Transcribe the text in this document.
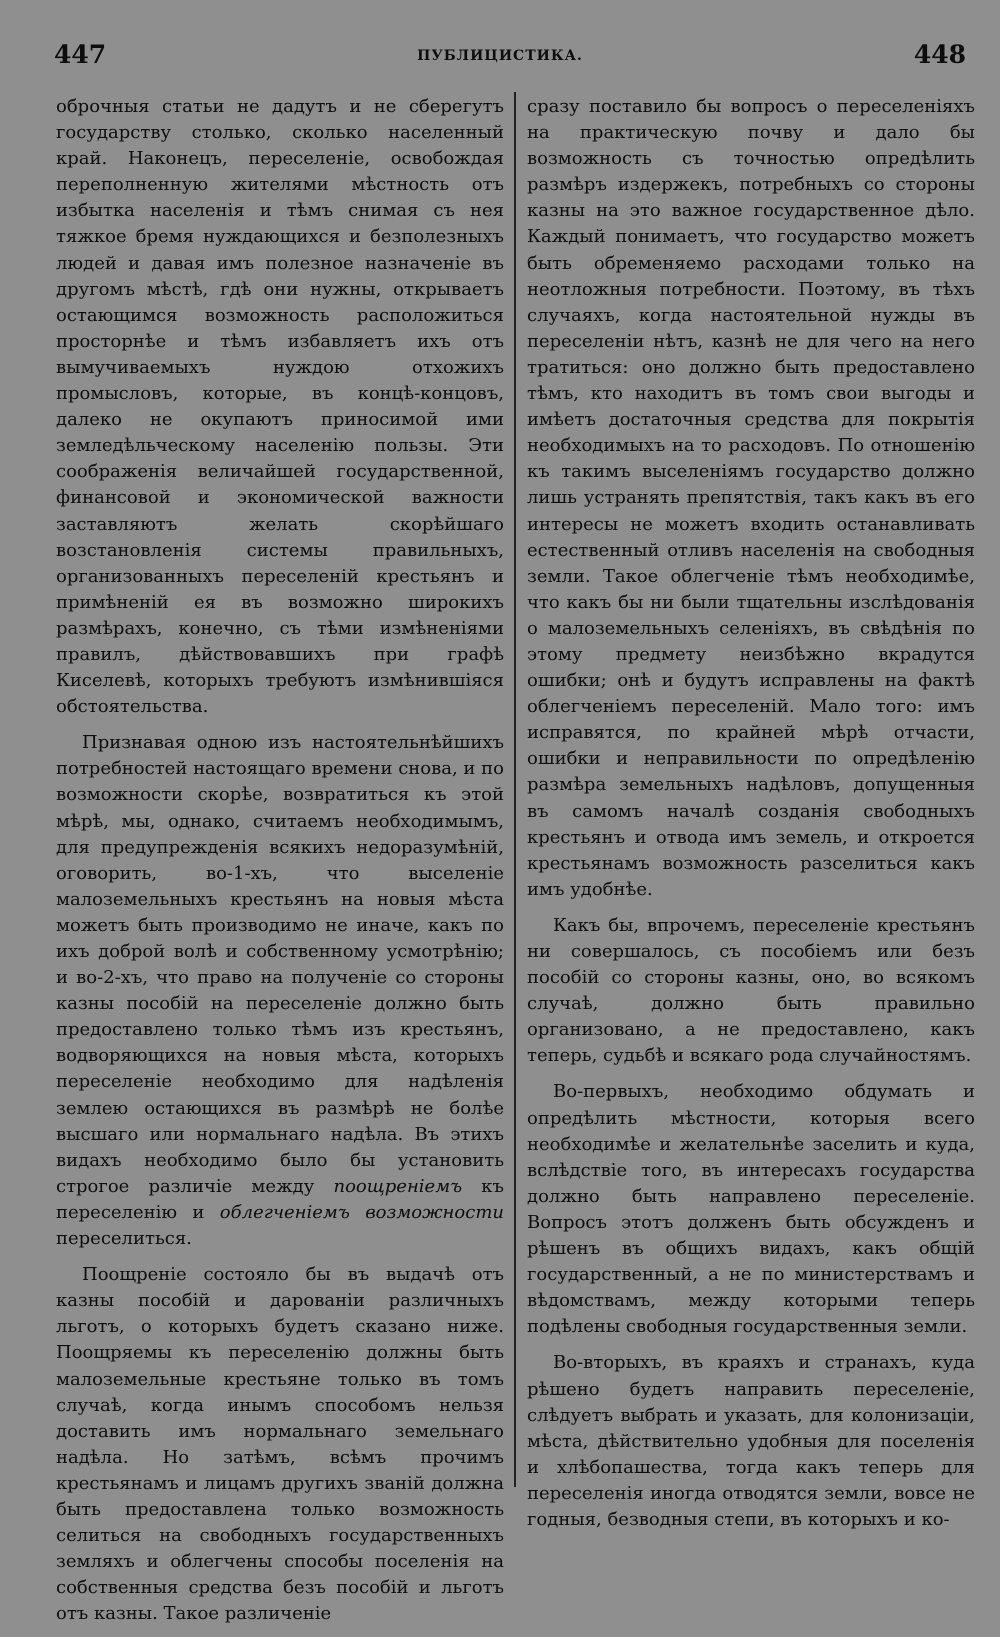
447	ПУБЛИЦИСТИКА.	448

оброчныя статьи не дадутъ и не сберегутъ государству столько, сколько населенный край. Наконецъ, переселеніе, освобождая переполненную жителями мѣстность отъ избытка населенія и тѣмъ снимая съ нея тяжкое бремя нуждающихся и безполезныхъ людей и давая имъ полезное назначеніе въ другомъ мѣстѣ, гдѣ они нужны, открываетъ остающимся возможность расположиться просторнѣе и тѣмъ избавляетъ ихъ отъ вымучиваемыхъ нуждою отхожихъ промысловъ, которые, въ концѣ-концовъ, далеко не окупаютъ приносимой ими земледѣльческому населенію пользы. Эти соображенія величайшей государственной, финансовой и экономической важности заставляютъ желать скорѣйшаго возстановленія системы правильныхъ, организованныхъ переселеній крестьянъ и примѣненій ея въ возможно широкихъ размѣрахъ, конечно, съ тѣми измѣненіями правилъ, дѣйствовавшихъ при графѣ Киселевѣ, которыхъ требуютъ измѣнившіяся обстоятельства.

Признавая одною изъ настоятельнѣйшихъ потребностей настоящаго времени снова, и по возможности скорѣе, возвратиться къ этой мѣрѣ, мы, однако, считаемъ необходимымъ, для предупрежденія всякихъ недоразумѣній, оговорить, во-1-хъ, что выселеніе малоземельныхъ крестьянъ на новыя мѣста можетъ быть производимо не иначе, какъ по ихъ доброй волѣ и собственному усмотрѣнію; и во-2-хъ, что право на полученіе со стороны казны пособій на переселеніе должно быть предоставлено только тѣмъ изъ крестьянъ, водворяющихся на новыя мѣста, которыхъ переселеніе необходимо для надѣленія землею остающихся въ размѣрѣ не болѣе высшаго или нормальнаго надѣла. Въ этихъ видахъ необходимо было бы установить строгое различіе между поощреніемъ къ переселенію и облегченіемъ возможности переселиться.

Поощреніе состояло бы въ выдачѣ отъ казны пособій и дарованіи различныхъ льготъ, о которыхъ будетъ сказано ниже. Поощряемы къ переселенію должны быть малоземельные крестьяне только въ томъ случаѣ, когда инымъ способомъ нельзя доставить имъ нормальнаго земельнаго надѣла. Но затѣмъ, всѣмъ прочимъ крестьянамъ и лицамъ другихъ званій должна быть предоставлена только возможность селиться на свободныхъ государственныхъ земляхъ и облегчены способы поселенія на собственныя средства безъ пособій и льготъ отъ казны. Такое различеніе

сразу поставило бы вопросъ о переселеніяхъ на практическую почву и дало бы возможность съ точностью опредѣлить размѣръ издержекъ, потребныхъ со стороны казны на это важное государственное дѣло. Каждый понимаетъ, что государство можетъ быть обременяемо расходами только на неотложныя потребности. Поэтому, въ тѣхъ случаяхъ, когда настоятельной нужды въ переселеніи нѣтъ, казнѣ не для чего на него тратиться: оно должно быть предоставлено тѣмъ, кто находитъ въ томъ свои выгоды и имѣетъ достаточныя средства для покрытія необходимыхъ на то расходовъ. По отношенію къ такимъ выселеніямъ государство должно лишь устранять препятствія, такъ какъ въ его интересы не можетъ входить останавливать естественный отливъ населенія на свободныя земли. Такое облегченіе тѣмъ необходимѣе, что какъ бы ни были тщательны изслѣдованія о малоземельныхъ селеніяхъ, въ свѣдѣнія по этому предмету неизбѣжно вкрадутся ошибки; онѣ и будутъ исправлены на фактѣ облегченіемъ переселеній. Мало того: имъ исправятся, по крайней мѣрѣ отчасти, ошибки и неправильности по опредѣленію размѣра земельныхъ надѣловъ, допущенныя въ самомъ началѣ созданія свободныхъ крестьянъ и отвода имъ земель, и откроется крестьянамъ возможность разселиться какъ имъ удобнѣе.

Какъ бы, впрочемъ, переселеніе крестьянъ ни совершалось, съ пособіемъ или безъ пособій со стороны казны, оно, во всякомъ случаѣ, должно быть правильно организовано, а не предоставлено, какъ теперь, судьбѣ и всякаго рода случайностямъ.

Во-первыхъ, необходимо обдумать и опредѣлить мѣстности, которыя всего необходимѣе и желательнѣе заселить и куда, вслѣдствіе того, въ интересахъ государства должно быть направлено переселеніе. Вопросъ этотъ долженъ быть обсужденъ и рѣшенъ въ общихъ видахъ, какъ общій государственный, а не по министерствамъ и вѣдомствамъ, между которыми теперь подѣлены свободныя государственныя земли.

Во-вторыхъ, въ краяхъ и странахъ, куда рѣшено будетъ направить переселеніе, слѣдуетъ выбрать и указать, для колонизаціи, мѣста, дѣйствительно удобныя для поселенія и хлѣбопашества, тогда какъ теперь для переселенія иногда отводятся земли, вовсе не годныя, безводныя степи, въ которыхъ и ко-
